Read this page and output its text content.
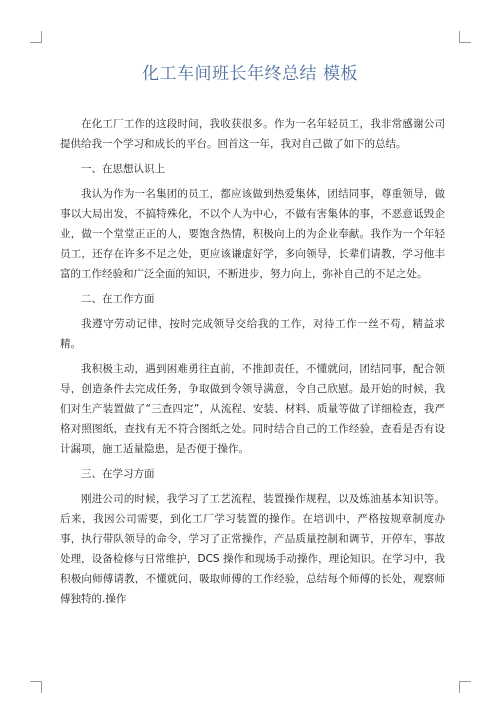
化工车间班长年终总结 模板

在化工厂工作的这段时间，我收获很多。作为一名年轻员工，我非常感谢公司提供给我一个学习和成长的平台。回首这一年，我对自己做了如下的总结。

一、在思想认识上

我认为作为一名集团的员工，都应该做到热爱集体，团结同事，尊重领导，做事以大局出发，不搞特殊化，不以个人为中心，不做有害集体的事，不恶意诋毁企业，做一个堂堂正正的人，要饱含热情，积极向上的为企业奉献。我作为一个年轻员工，还存在许多不足之处，更应该谦虚好学，多向领导，长辈们请教，学习他丰富的工作经验和广泛全面的知识，不断进步，努力向上，弥补自己的不足之处。

二、在工作方面

我遵守劳动记律，按时完成领导交给我的工作，对待工作一丝不苟，精益求精。

我积极主动，遇到困难勇往直前，不推卸责任，不懂就问，团结同事，配合领导，创造条件去完成任务，争取做到令领导满意，令自己欣慰。最开始的时候，我们对生产装置做了“三查四定”，从流程、安装、材料、质量等做了详细检查，我严格对照图纸，查找有无不符合图纸之处。同时结合自己的工作经验，查看是否有设计漏项，施工适量隐患，是否便于操作。

三、在学习方面

刚进公司的时候，我学习了工艺流程，装置操作规程，以及炼油基本知识等。后来，我因公司需要，到化工厂学习装置的操作。在培训中，严格按规章制度办事，执行带队领导的命令，学习了正常操作，产品质量控制和调节，开停车，事故处理，设备检修与日常维护，DCS 操作和现场手动操作，理论知识。在学习中，我积极向师傅请教，不懂就问，吸取师傅的工作经验，总结每个师傅的长处，观察师傅独特的.操作
